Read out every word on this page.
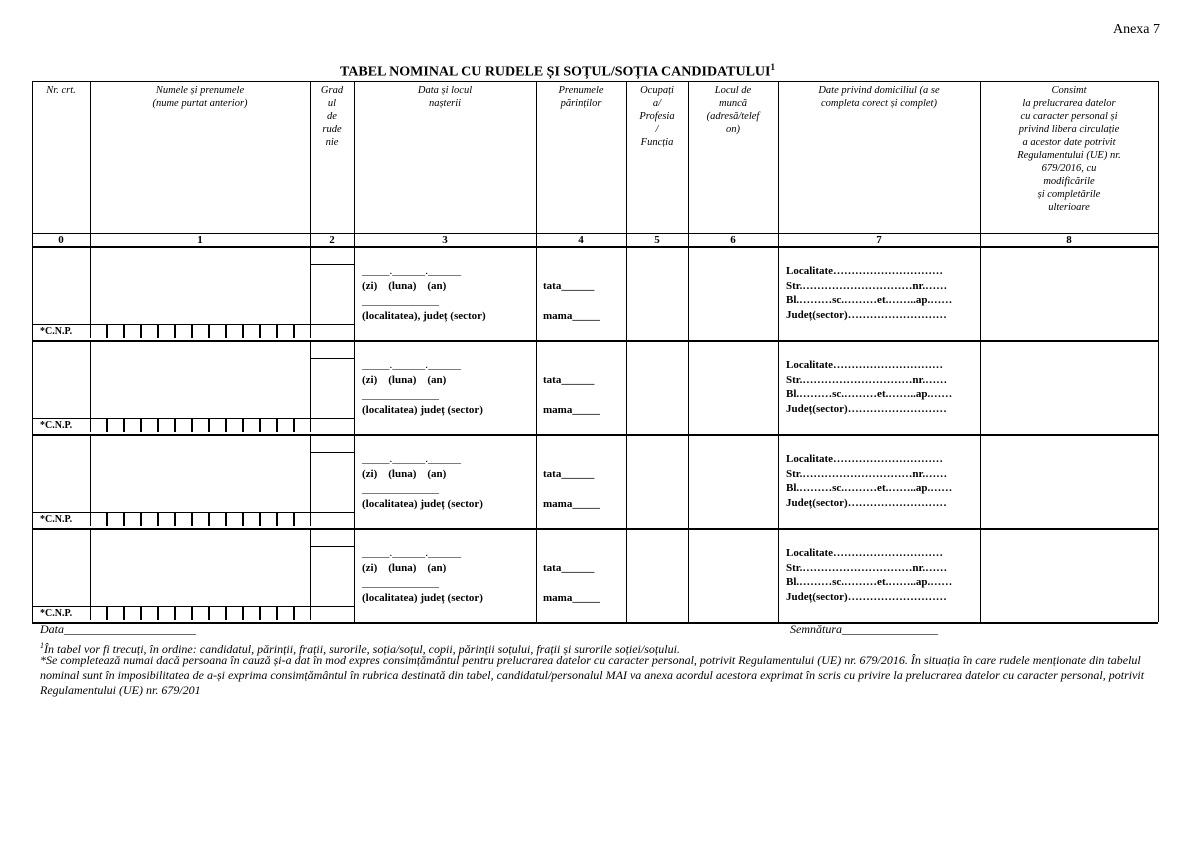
Anexa 7
TABEL NOMINAL CU RUDELE ȘI SOȚUL/SOȚIA CANDIDATULUI$^1$
Nr. crt.
0
Numele și prenumele
(nume purtat anterior)
1
Grad
ul
de
rude
nie
2
Data și locul
nașterii
3
Prenumele
părinților
4
Ocupați
a/
Profesia
/
Funcția
5
Locul de
muncă
(adresă/telef
on)
6
Date privind domiciliul (a se
completa corect și complet)
7
Consimt
la prelucrarea datelor
cu caracter personal și
privind libera circulație
a acestor date potrivit
Regulamentului (UE) nr.
679/2016, cu
modificările
și completările
ulterioare
8
*C.N.P.
_____.______.______
(zi)    (luna)    (an)
______________
(localitatea), județ (sector)
tata______
mama_____
Localitate…………………………
Str.…………………………nr.……
Bl.………sc.………et.……..ap.……
Județ(sector)………………………
*C.N.P.
_____.______.______
(zi)    (luna)    (an)
______________
(localitatea) județ (sector)
tata______
mama_____
Localitate…………………………
Str.…………………………nr.……
Bl.………sc.………et.……..ap.……
Județ(sector)………………………
*C.N.P.
_____.______.______
(zi)    (luna)    (an)
______________
(localitatea) județ (sector)
tata______
mama_____
Localitate…………………………
Str.…………………………nr.……
Bl.………sc.………et.……..ap.……
Județ(sector)………………………
*C.N.P.
_____.______.______
(zi)    (luna)    (an)
______________
(localitatea) județ (sector)
tata______
mama_____
Localitate…………………………
Str.…………………………nr.……
Bl.………sc.………et.……..ap.……
Județ(sector)………………………
Data______________________	Semnătura________________
$^1$În tabel vor fi trecuți, în ordine: candidatul, părinții, frații, surorile, soția/soțul, copii, părinții soțului, frații și surorile soției/soțului.
*Se completează numai dacă persoana în cauză și-a dat în mod expres consimțământul pentru prelucrarea datelor cu caracter personal, potrivit Regulamentului (UE) nr. 679/2016. În situația în care rudele menționate din tabelul nominal sunt în imposibilitatea de a-și exprima consimțământul în rubrica destinată din tabel, candidatul/personalul MAI va anexa acordul acestora exprimat în scris cu privire la prelucrarea datelor cu caracter personal, potrivit Regulamentului (UE) nr. 679/201
